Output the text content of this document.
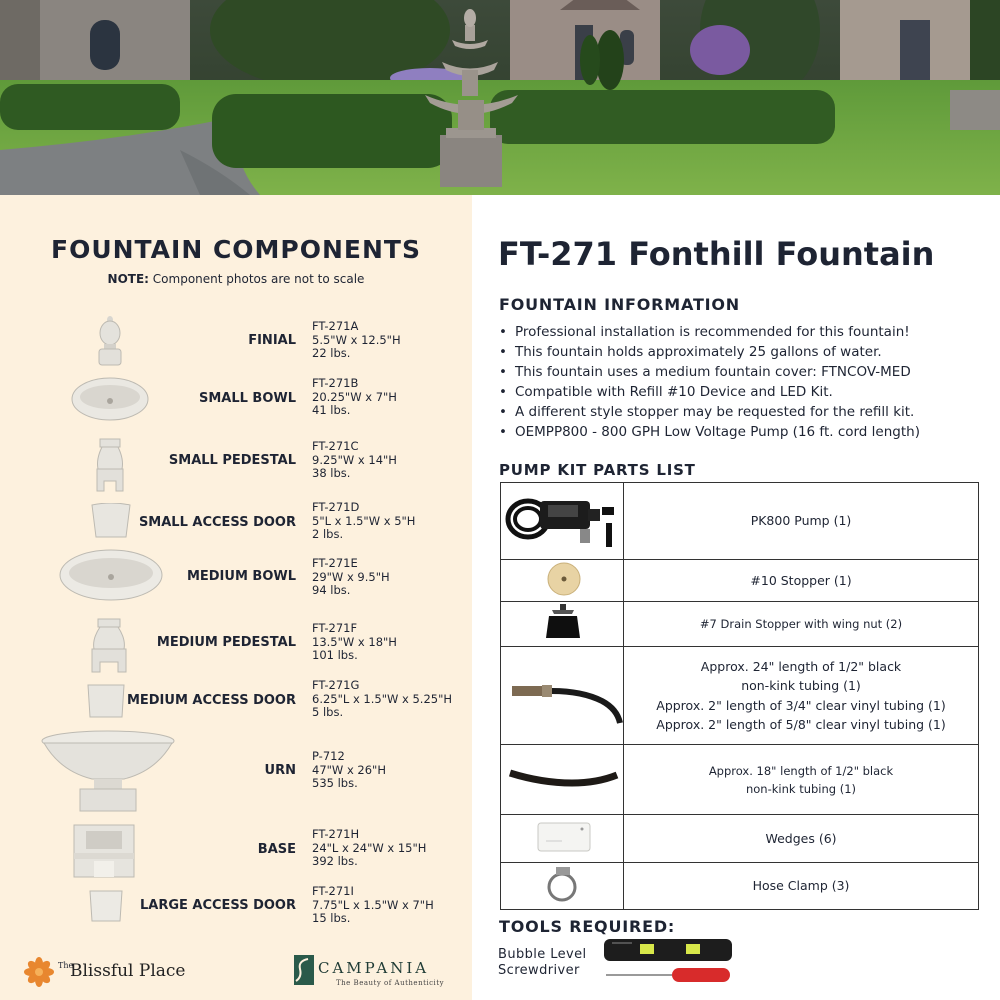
FOUNTAIN COMPONENTS

NOTE: Component photos are not to scale

FINIAL
FT-271A
5.5"W x 12.5"H
22 lbs.
SMALL BOWL
FT-271B
20.25"W x 7"H
41 lbs.
SMALL PEDESTAL
FT-271C
9.25"W x 14"H
38 lbs.
SMALL ACCESS DOOR
FT-271D
5"L x 1.5"W x 5"H
2 lbs.
MEDIUM BOWL
FT-271E
29"W x 9.5"H
94 lbs.
MEDIUM PEDESTAL
FT-271F
13.5"W x 18"H
101 lbs.
MEDIUM ACCESS DOOR
FT-271G
6.25"L x 1.5"W x 5.25"H
5 lbs.
URN
P-712
47"W x 26"H
535 lbs.
BASE
FT-271H
24"L x 24"W x 15"H
392 lbs.
LARGE ACCESS DOOR
FT-271I
7.75"L x 1.5"W x 7"H
15 lbs.
The
Blissful Place	CAMPANIA
The Beauty of Authenticity
FT-271 Fonthill Fountain
FOUNTAIN INFORMATION
• Professional installation is recommended for this fountain!
• This fountain holds approximately 25 gallons of water.
• This fountain uses a medium fountain cover: FTNCOV-MED
• Compatible with Refill #10 Device and LED Kit.
• A different style stopper may be requested for the refill kit.
• OEMPP800 - 800 GPH Low Voltage Pump (16 ft. cord length)
PUMP KIT PARTS LIST

PK800 Pump (1)

#10 Stopper (1)

#7 Drain Stopper with wing nut (2)

Approx. 24" length of 1/2" black
non-kink tubing (1)
Approx. 2" length of 3/4" clear vinyl tubing (1)
Approx. 2" length of 5/8" clear vinyl tubing (1)

Approx. 18" length of 1/2" black
non-kink tubing (1)

Wedges (6)

Hose Clamp (3)
TOOLS REQUIRED:
Bubble Level
Screwdriver
